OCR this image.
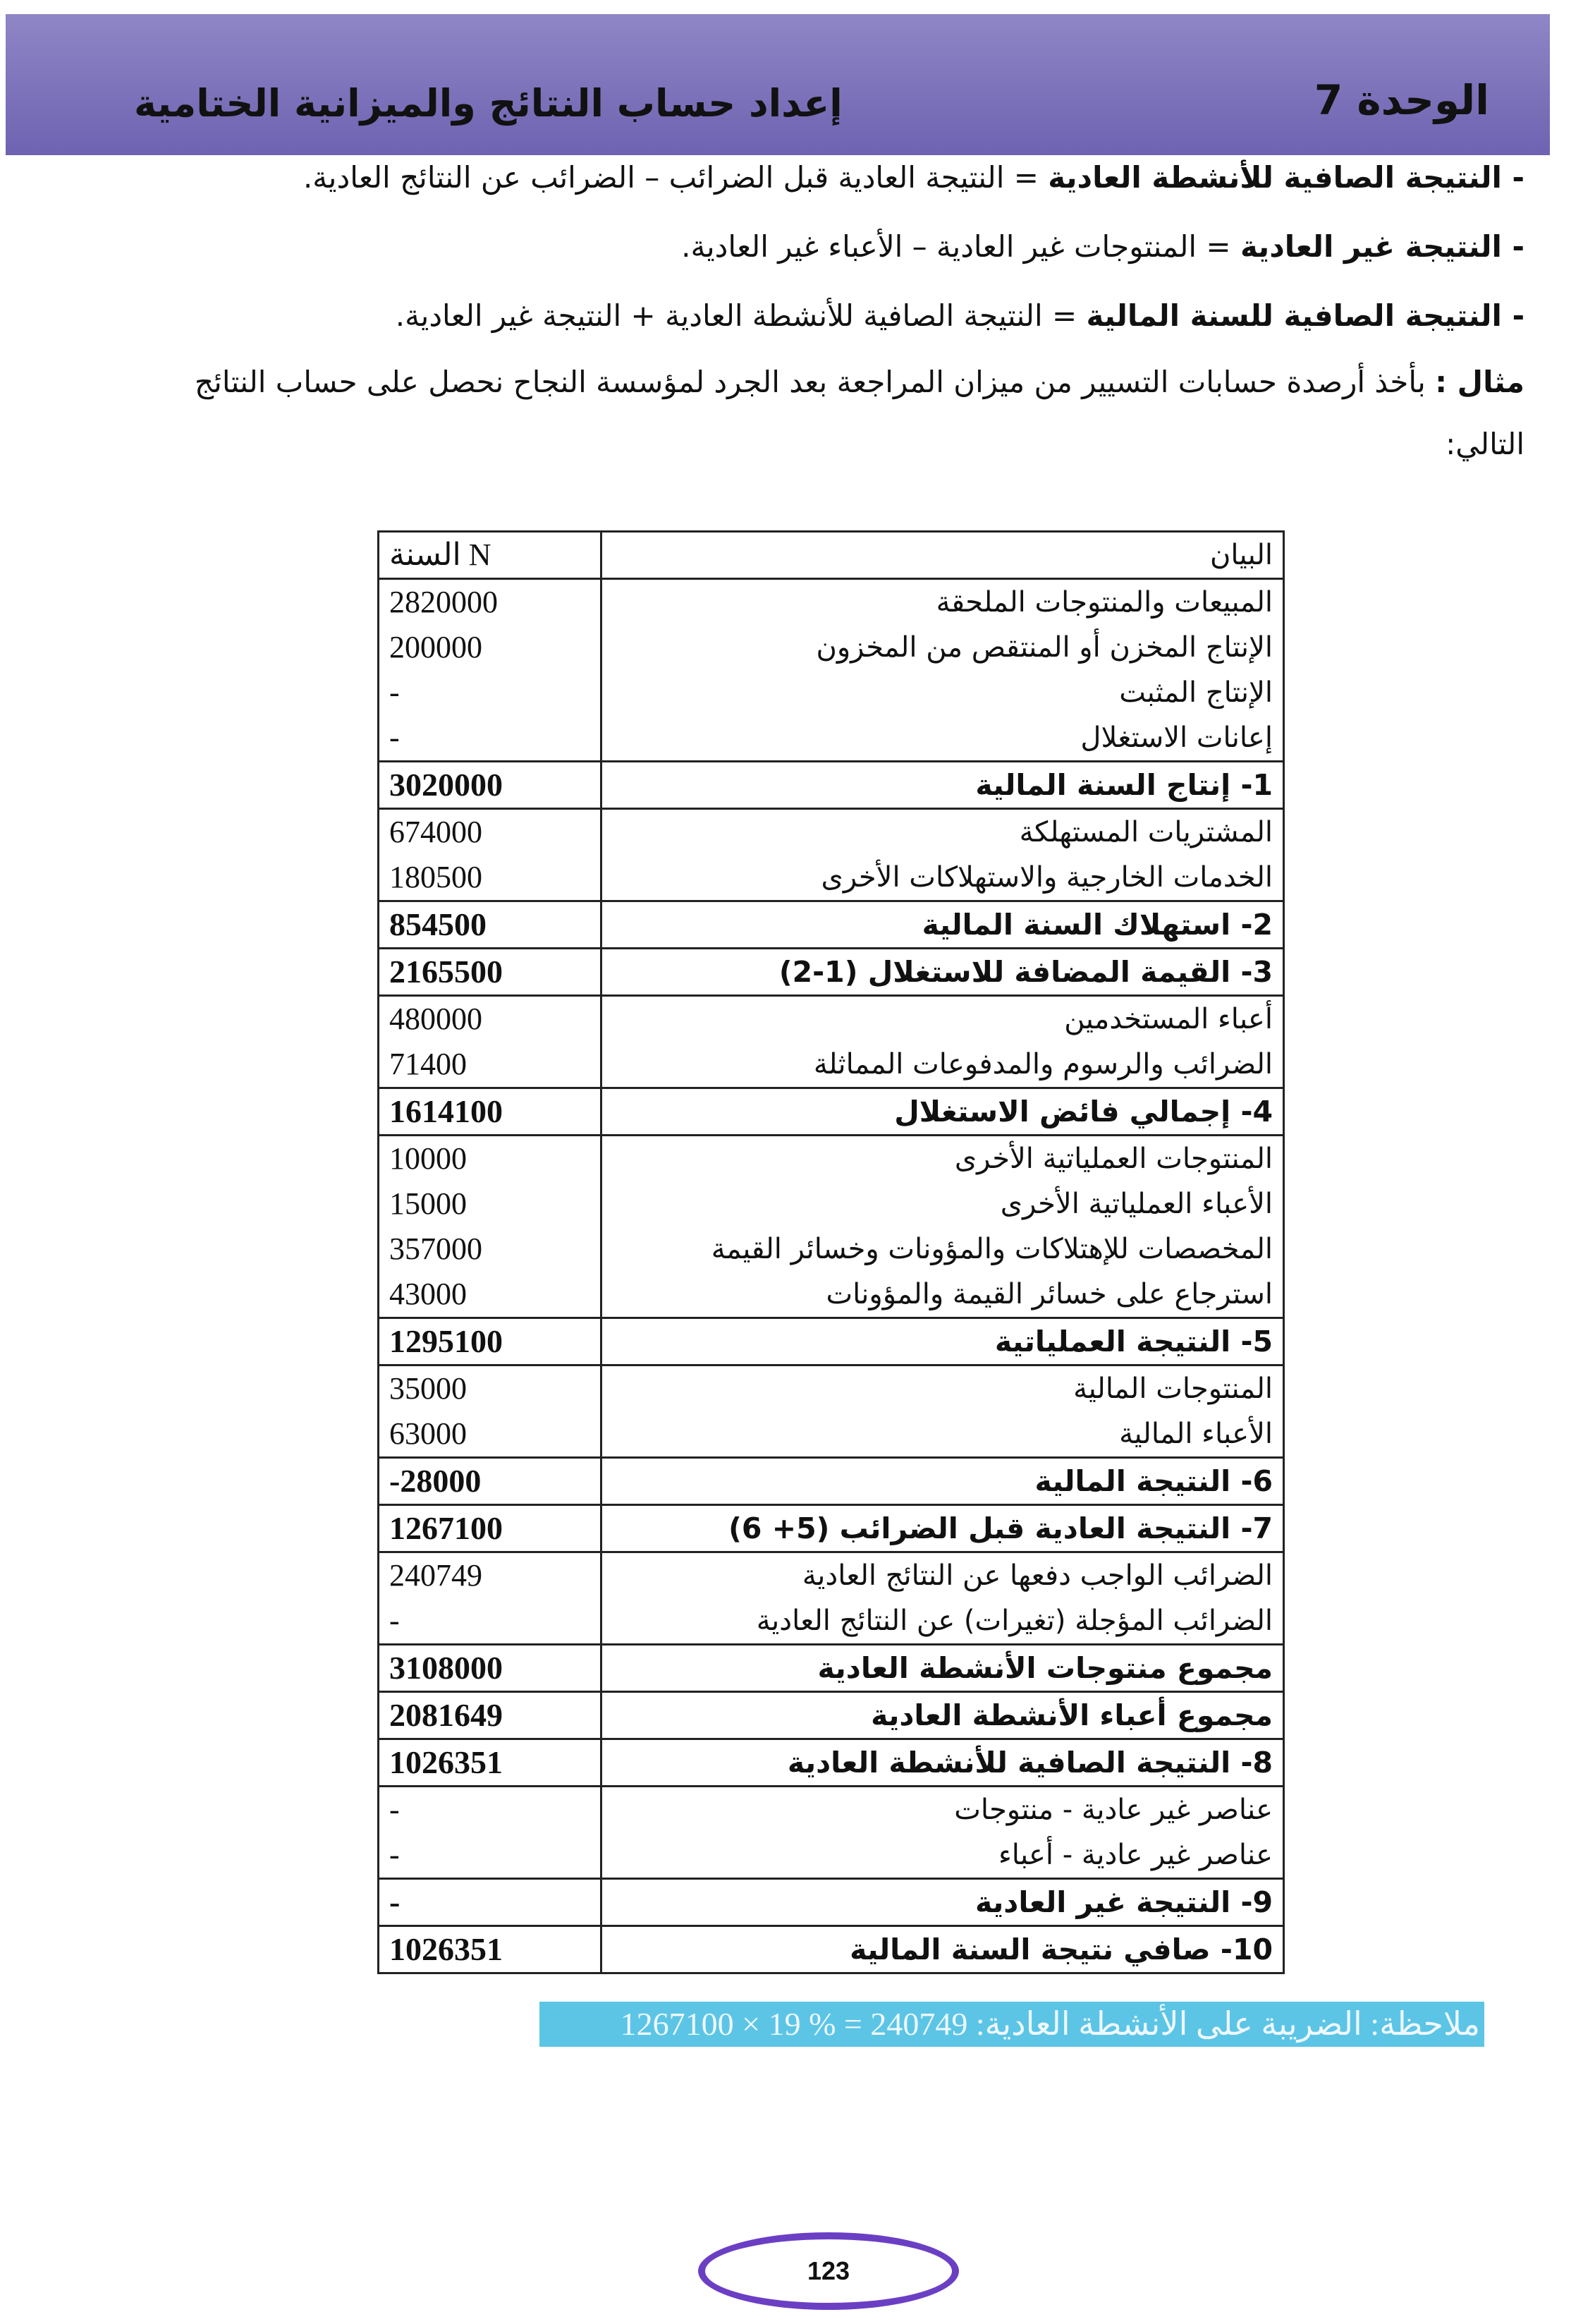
إعداد حساب النتائج والميزانية الختامية	الوحدة 7
- النتيجة الصافية للأنشطة العادية = النتيجة العادية قبل الضرائب – الضرائب عن النتائج العادية.
- النتيجة غير العادية = المنتوجات غير العادية – الأعباء غير العادية.
- النتيجة الصافية للسنة المالية = النتيجة الصافية للأنشطة العادية + النتيجة غير العادية.
مثال : بأخذ أرصدة حسابات التسيير من ميزان المراجعة بعد الجرد لمؤسسة النجاح نحصل على حساب النتائج
التالي:
البيان	السنة N
المبيعات والمنتوجات الملحقة	2820000
الإنتاج المخزن أو المنتقص من المخزون	200000
الإنتاج المثبت	-
إعانات الاستغلال	-
1- إنتاج السنة المالية	3020000
المشتريات المستهلكة	674000
الخدمات الخارجية والاستهلاكات الأخرى	180500
2- استهلاك السنة المالية	854500
3- القيمة المضافة للاستغلال (1-2)	2165500
أعباء المستخدمين	480000
الضرائب والرسوم والمدفوعات المماثلة	71400
4- إجمالي فائض الاستغلال	1614100
المنتوجات العملياتية الأخرى	10000
الأعباء العملياتية الأخرى	15000
المخصصات للإهتلاكات والمؤونات وخسائر القيمة	357000
استرجاع على خسائر القيمة والمؤونات	43000
5- النتيجة العملياتية	1295100
المنتوجات المالية	35000
الأعباء المالية	63000
6- النتيجة المالية	-28000
7- النتيجة العادية قبل الضرائب (5+ 6)	1267100
الضرائب الواجب دفعها عن النتائج العادية	240749
الضرائب المؤجلة (تغيرات) عن النتائج العادية	-
مجموع منتوجات الأنشطة العادية	3108000
مجموع أعباء الأنشطة العادية	2081649
8- النتيجة الصافية للأنشطة العادية	1026351
عناصر غير عادية - منتوجات	-
عناصر غير عادية - أعباء	-
9- النتيجة غير العادية	-
10- صافي نتيجة السنة المالية	1026351
ملاحظة: الضريبة على الأنشطة العادية: 240749 = % 19 × 1267100
123
